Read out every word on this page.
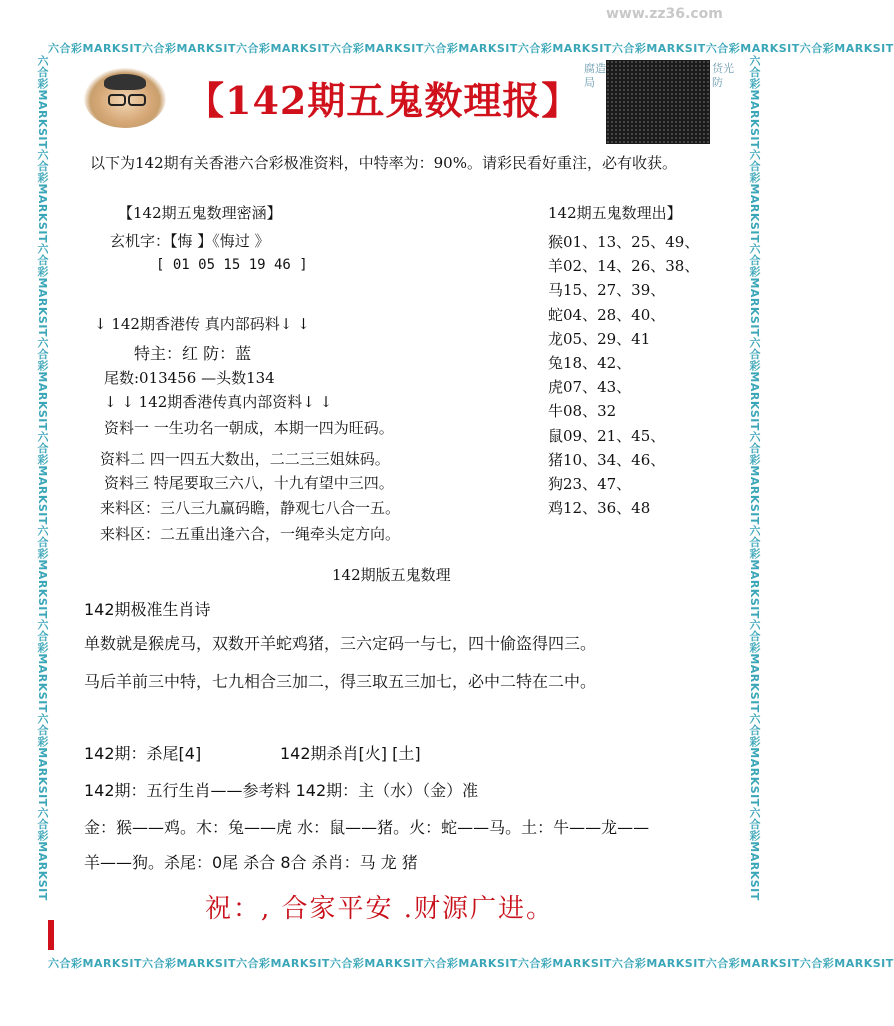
www.zz36.com
六合彩MARKSIT六合彩MARKSIT六合彩MARKSIT六合彩MARKSIT六合彩MARKSIT六合彩MARKSIT六合彩MARKSIT六合彩MARKSIT六合彩MARKSIT
六合彩MARKSIT六合彩MARKSIT六合彩MARKSIT六合彩MARKSIT六合彩MARKSIT六合彩MARKSIT六合彩MARKSIT六合彩MARKSIT六合彩MARKSIT
六合彩MARKSIT六合彩MARKSIT六合彩MARKSIT六合彩MARKSIT六合彩MARKSIT六合彩MARKSIT六合彩MARKSIT六合彩MARKSIT六合彩MARKSIT	六合彩MARKSIT六合彩MARKSIT六合彩MARKSIT六合彩MARKSIT六合彩MARKSIT六合彩MARKSIT六合彩MARKSIT六合彩MARKSIT六合彩MARKSIT
【142期五鬼数理报】
腐造局
货光防
以下为142期有关香港六合彩极准资料，中特率为：90%。请彩民看好重注，必有收获。
【142期五鬼数理密涵】
玄机字：【悔 】《悔过 》
[ 01 05 15 19 46 ]
↓ 142期香港传 真内部码料↓ ↓
特主：红 防：蓝
尾数:013456 —头数134
↓ ↓ 142期香港传真内部资料↓ ↓
资料一 一生功名一朝成，本期一四为旺码。
资料二 四一四五大数出，二二三三姐妹码。
资料三 特尾要取三六八，十九有望中三四。
来料区：三八三九赢码瞻，静观七八合一五。
来料区：二五重出逢六合，一绳牵头定方向。
142期五鬼数理出】
猴01、13、25、49、
羊02、14、26、38、
马15、27、39、
蛇04、28、40、
龙05、29、41
兔18、42、
虎07、43、
牛08、32
鼠09、21、45、
猪10、34、46、
狗23、47、
鸡12、36、48
142期版五鬼数理
142期极准生肖诗
单数就是猴虎马，双数开羊蛇鸡猪，三六定码一与七，四十偷盗得四三。
马后羊前三中特，七九相合三加二，得三取五三加七，必中二特在二中。
142期：杀尾[4]	142期杀肖[火] [土]
142期：五行生肖——参考料 142期：主（水）（金）准
金：猴——鸡。木：兔——虎 水：鼠——猪。火：蛇——马。土：牛——龙——
羊——狗。杀尾：0尾 杀合 8合 杀肖：马 龙 猪
祝：, 合家平安 .财源广进。
